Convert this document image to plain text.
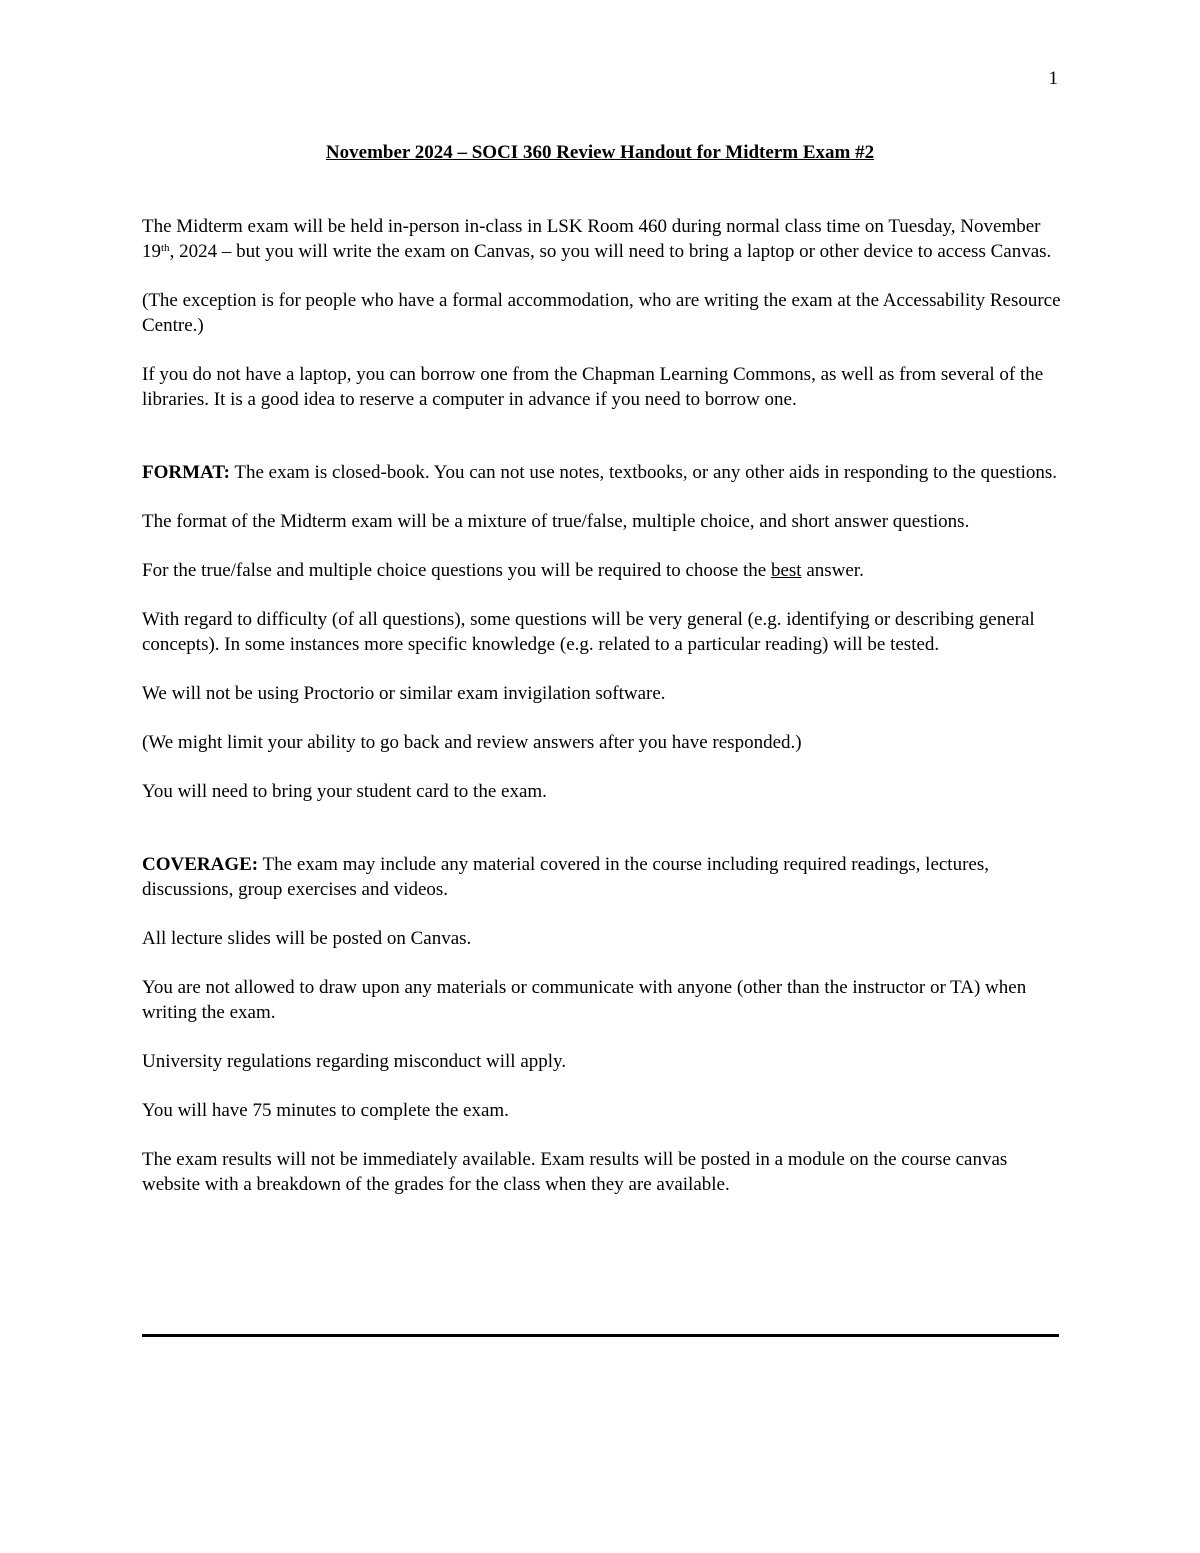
1
November 2024 – SOCI 360 Review Handout for Midterm Exam #2

The Midterm exam will be held in-person in-class in LSK Room 460 during normal class time on Tuesday, November 19th, 2024 – but you will write the exam on Canvas, so you will need to bring a laptop or other device to access Canvas.

(The exception is for people who have a formal accommodation, who are writing the exam at the Accessability Resource Centre.)

If you do not have a laptop, you can borrow one from the Chapman Learning Commons, as well as from several of the libraries. It is a good idea to reserve a computer in advance if you need to borrow one.

FORMAT: The exam is closed-book. You can not use notes, textbooks, or any other aids in responding to the questions.

The format of the Midterm exam will be a mixture of true/false, multiple choice, and short answer questions.

For the true/false and multiple choice questions you will be required to choose the best answer.

With regard to difficulty (of all questions), some questions will be very general (e.g. identifying or describing general concepts). In some instances more specific knowledge (e.g. related to a particular reading) will be tested.

We will not be using Proctorio or similar exam invigilation software.

(We might limit your ability to go back and review answers after you have responded.)

You will need to bring your student card to the exam.

COVERAGE: The exam may include any material covered in the course including required readings, lectures, discussions, group exercises and videos.

All lecture slides will be posted on Canvas.

You are not allowed to draw upon any materials or communicate with anyone (other than the instructor or TA) when writing the exam.

University regulations regarding misconduct will apply.

You will have 75 minutes to complete the exam.

The exam results will not be immediately available. Exam results will be posted in a module on the course canvas website with a breakdown of the grades for the class when they are available.
